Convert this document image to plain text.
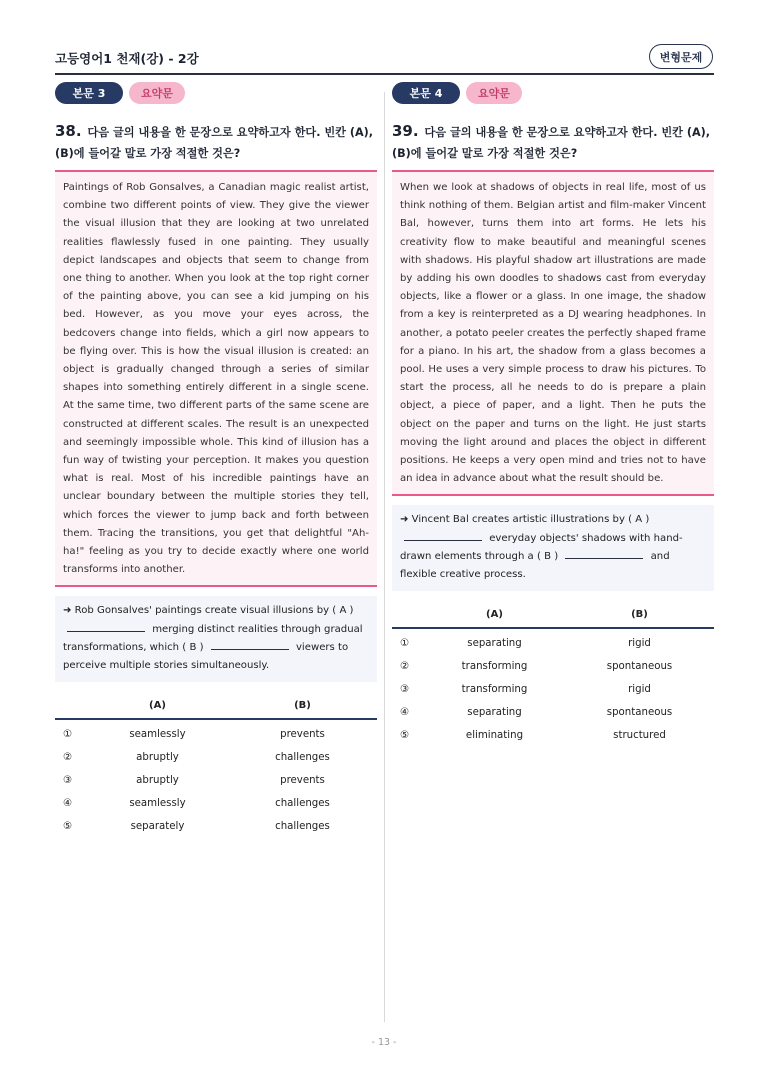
고등영어1 천재(강) - 2강	변형문제
본문 3	요약문
38. 다음 글의 내용을 한 문장으로 요약하고자 한다. 빈칸 (A), (B)에 들어갈 말로 가장 적절한 것은?
Paintings of Rob Gonsalves, a Canadian magic realist artist, combine two different points of view. They give the viewer the visual illusion that they are looking at two unrelated realities flawlessly fused in one painting. They usually depict landscapes and objects that seem to change from one thing to another. When you look at the top right corner of the painting above, you can see a kid jumping on his bed. However, as you move your eyes across, the bedcovers change into fields, which a girl now appears to be flying over. This is how the visual illusion is created: an object is gradually changed through a series of similar shapes into something entirely different in a single scene. At the same time, two different parts of the same scene are constructed at different scales. The result is an unexpected and seemingly impossible whole. This kind of illusion has a fun way of twisting your perception. It makes you question what is real. Most of his incredible paintings have an unclear boundary between the multiple stories they tell, which forces the viewer to jump back and forth between them. Tracing the transitions, you get that delightful "Ah-ha!" feeling as you try to decide exactly where one world transforms into another.
➜ Rob Gonsalves' paintings create visual illusions by ( A )
merging distinct realities through gradual transformations, which ( B )	viewers to perceive multiple stories simultaneously.
(A)	(B)
①	seamlessly	prevents
②	abruptly	challenges
③	abruptly	prevents
④	seamlessly	challenges
⑤	separately	challenges
본문 4	요약문
39. 다음 글의 내용을 한 문장으로 요약하고자 한다. 빈칸 (A), (B)에 들어갈 말로 가장 적절한 것은?
When we look at shadows of objects in real life, most of us think nothing of them. Belgian artist and film-maker Vincent Bal, however, turns them into art forms. He lets his creativity flow to make beautiful and meaningful scenes with shadows. His playful shadow art illustrations are made by adding his own doodles to shadows cast from everyday objects, like a flower or a glass. In one image, the shadow from a key is reinterpreted as a DJ wearing headphones. In another, a potato peeler creates the perfectly shaped frame for a piano. In his art, the shadow from a glass becomes a pool. He uses a very simple process to draw his pictures. To start the process, all he needs to do is prepare a plain object, a piece of paper, and a light. Then he puts the object on the paper and turns on the light. He just starts moving the light around and places the object in different positions. He keeps a very open mind and tries not to have an idea in advance about what the result should be.
➜ Vincent Bal creates artistic illustrations by ( A )
everyday objects' shadows with hand-drawn elements through a ( B )	and flexible creative process.
(A)	(B)
①	separating	rigid
②	transforming	spontaneous
③	transforming	rigid
④	separating	spontaneous
⑤	eliminating	structured
- 13 -
